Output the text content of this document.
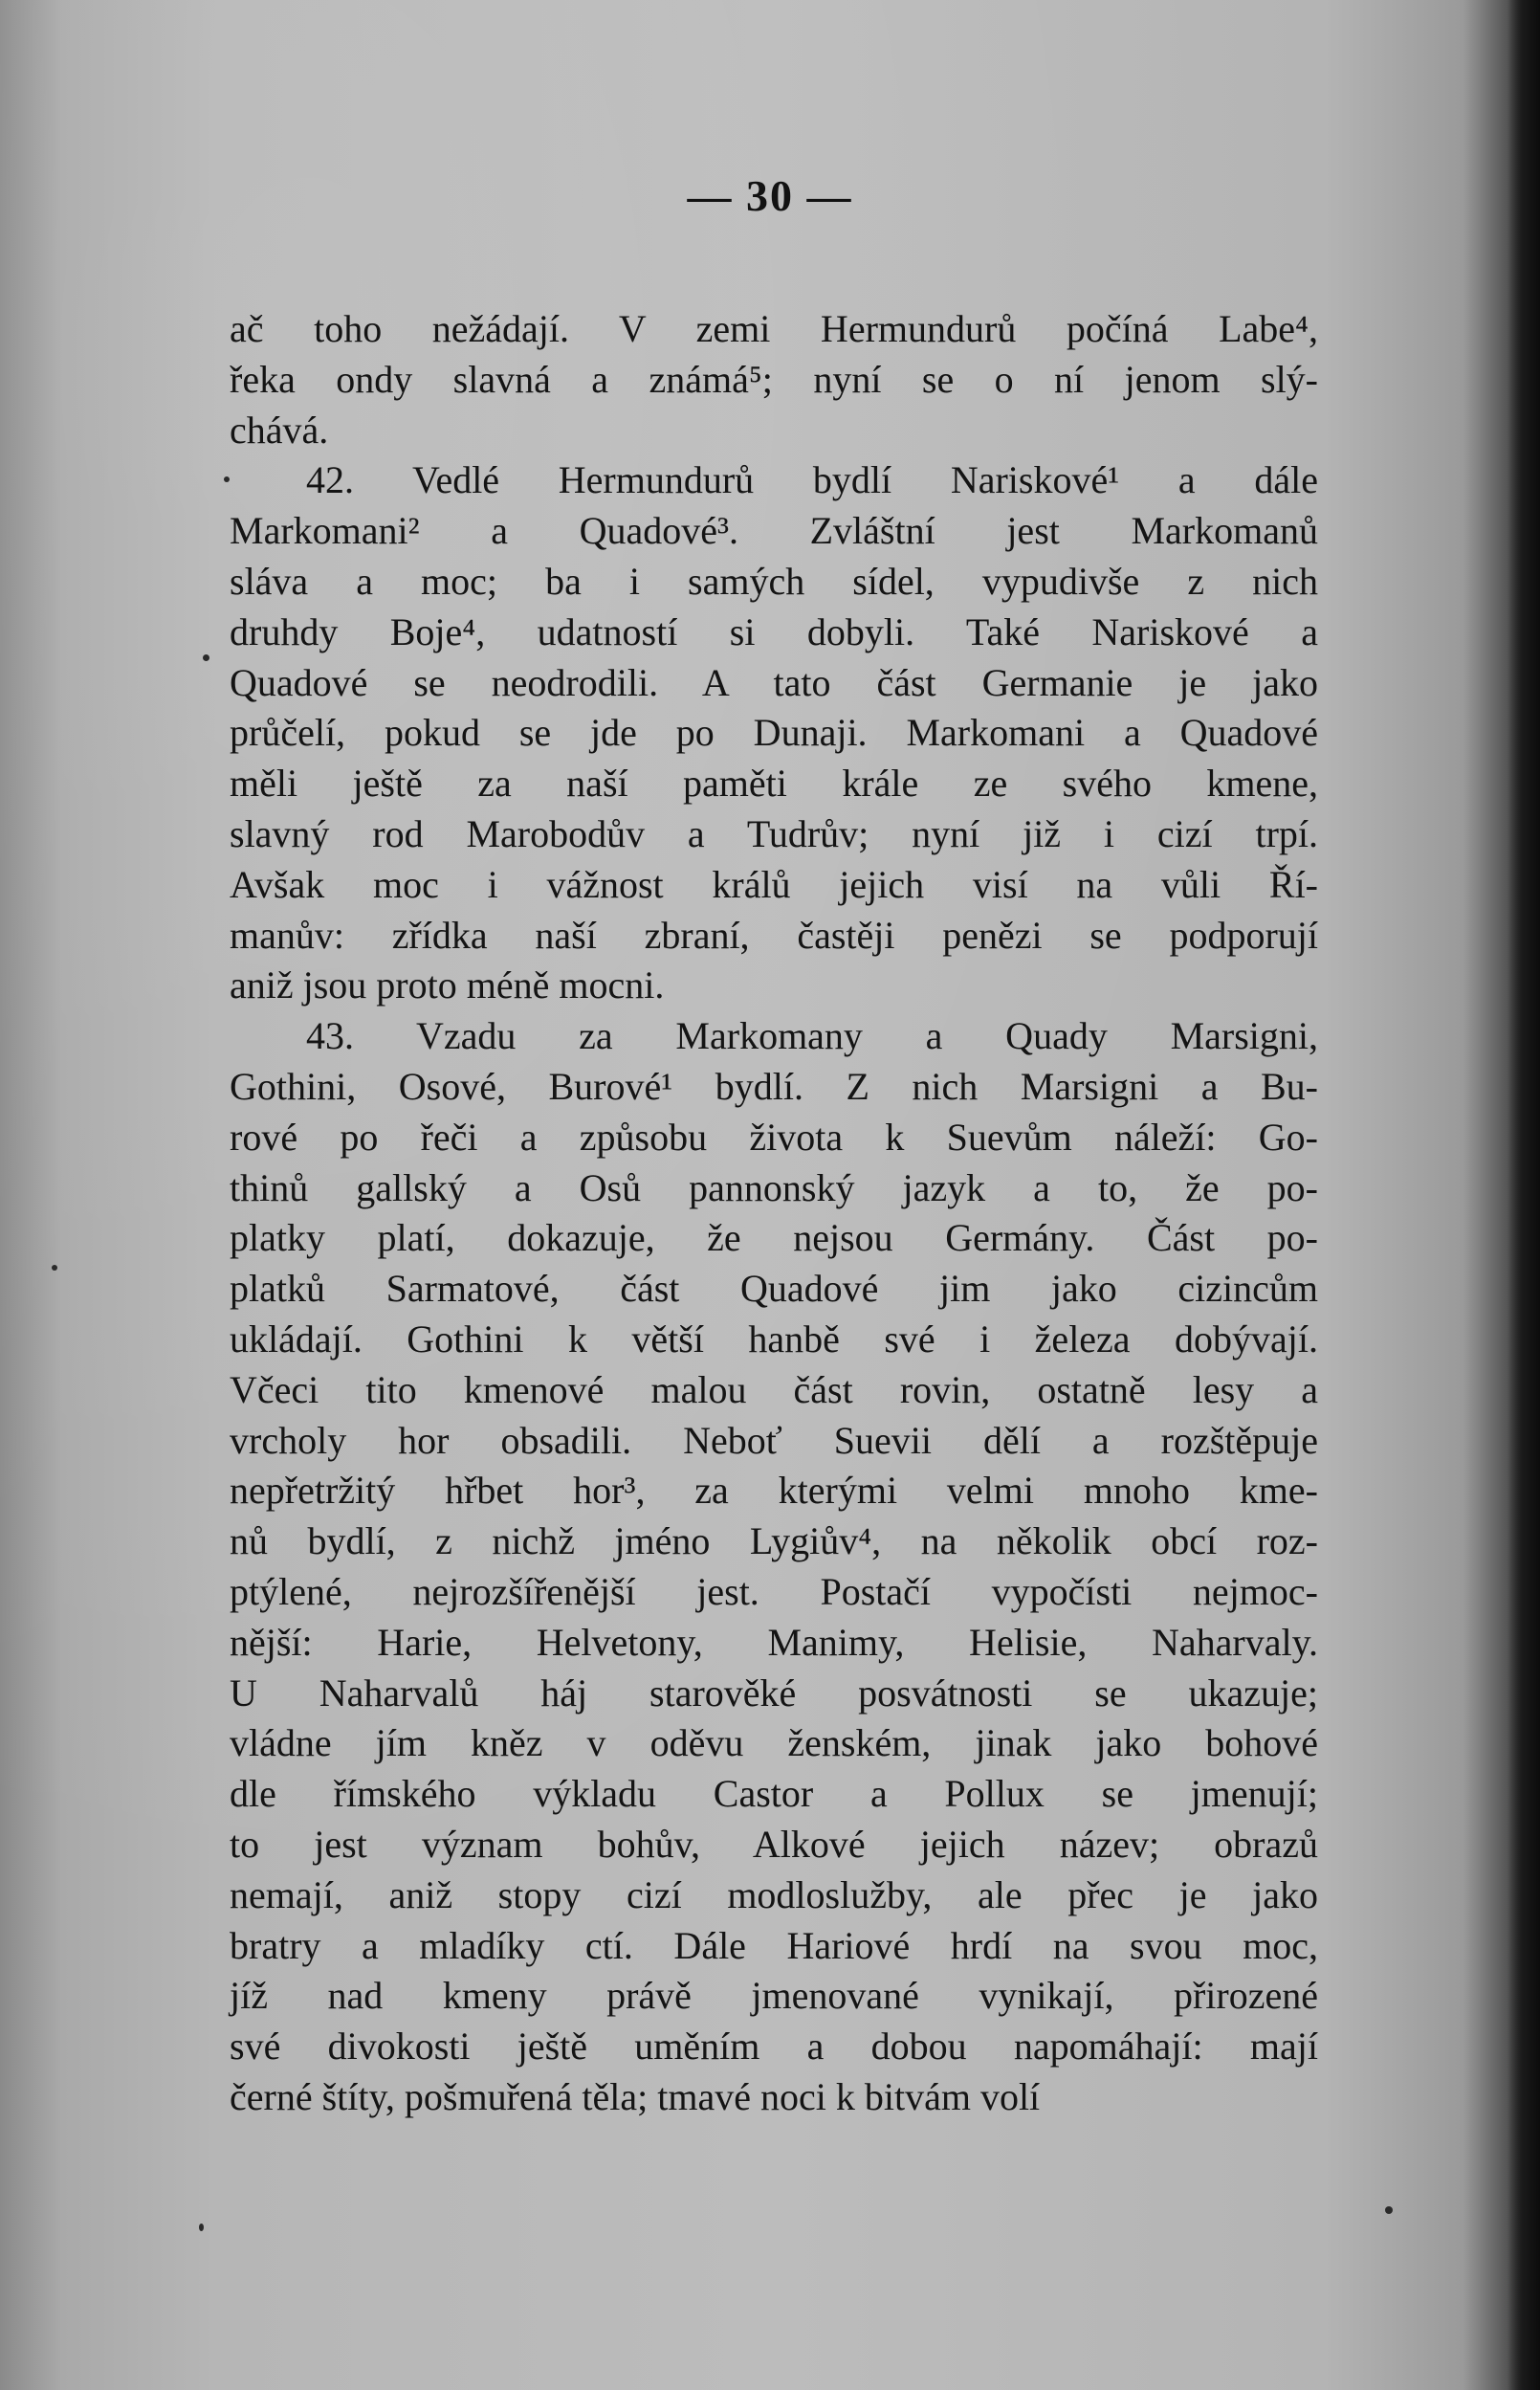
— 30 —
ač toho nežádají. V zemi Hermundurů počíná Labe⁴,
řeka ondy slavná a známá⁵; nyní se o ní jenom slý-
chává.
42. Vedlé Hermundurů bydlí Nariskové¹ a dále
Markomani² a Quadové³. Zvláštní jest Markomanů
sláva a moc; ba i samých sídel, vypudivše z nich
druhdy Boje⁴, udatností si dobyli. Také Nariskové a
Quadové se neodrodili. A tato část Germanie je jako
průčelí, pokud se jde po Dunaji. Markomani a Quadové
měli ještě za naší paměti krále ze svého kmene,
slavný rod Marobodův a Tudrův; nyní již i cizí trpí.
Avšak moc i vážnost králů jejich visí na vůli Ří-
manův: zřídka naší zbraní, častěji penězi se podporují
aniž jsou proto méně mocni.
43. Vzadu za Markomany a Quady Marsigni,
Gothini, Osové, Burové¹ bydlí. Z nich Marsigni a Bu-
rové po řeči a způsobu života k Suevům náleží: Go-
thinů gallský a Osů pannonský jazyk a to, že po-
platky platí, dokazuje, že nejsou Germány. Část po-
platků Sarmatové, část Quadové jim jako cizincům
ukládají. Gothini k větší hanbě své i železa dobývají.
Včeci tito kmenové malou část rovin, ostatně lesy a
vrcholy hor obsadili. Neboť Suevii dělí a rozštěpuje
nepřetržitý hřbet hor³, za kterými velmi mnoho kme-
nů bydlí, z nichž jméno Lygiův⁴, na několik obcí roz-
ptýlené, nejrozšířenější jest. Postačí vypočísti nejmoc-
nější: Harie, Helvetony, Manimy, Helisie, Naharvaly.
U Naharvalů háj starověké posvátnosti se ukazuje;
vládne jím kněz v oděvu ženském, jinak jako bohové
dle římského výkladu Castor a Pollux se jmenují;
to jest význam bohův, Alkové jejich název; obrazů
nemají, aniž stopy cizí modloslužby, ale přec je jako
bratry a mladíky ctí. Dále Hariové hrdí na svou moc,
jíž nad kmeny právě jmenované vynikají, přirozené
své divokosti ještě uměním a dobou napomáhají: mají
černé štíty, pošmuřená těla; tmavé noci k bitvám volí
